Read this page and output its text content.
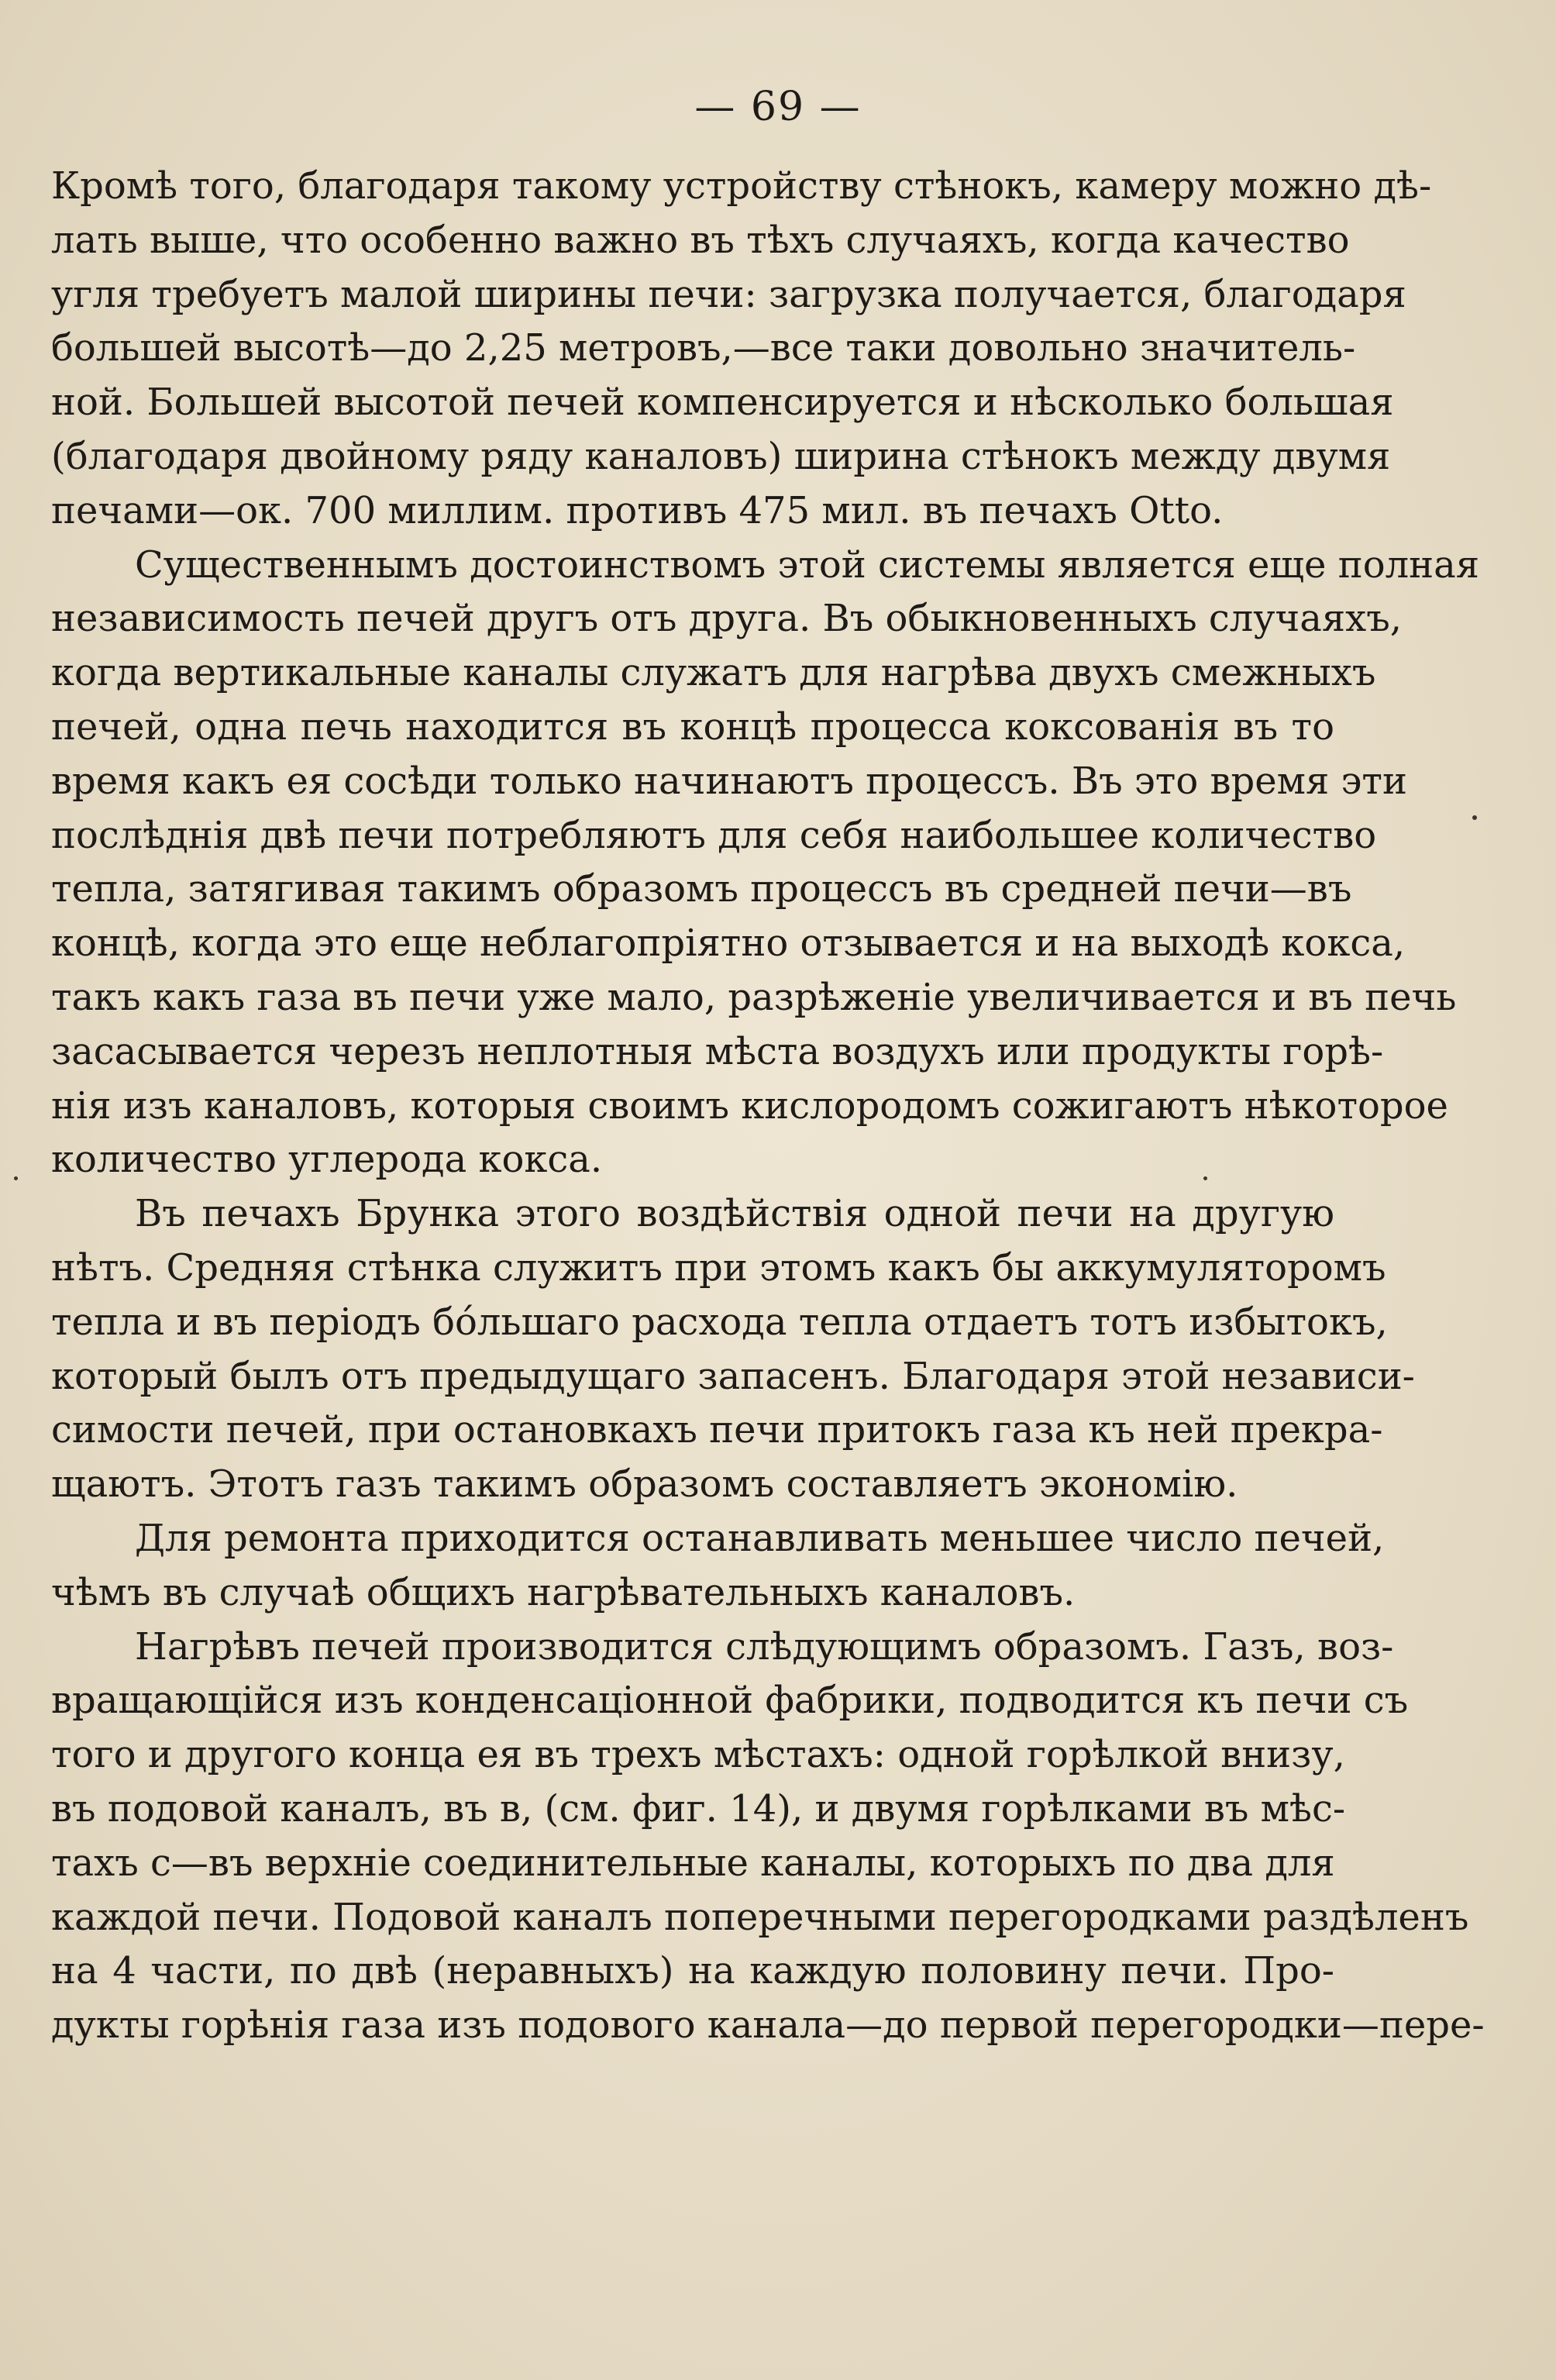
— 69 —
Кромѣ того, благодаря такому устройству стѣнокъ, камеру можно дѣ-
лать выше, что особенно важно въ тѣхъ случаяхъ, когда качество
угля требуетъ малой ширины печи: загрузка получается, благодаря
большей высотѣ—до 2,25 метровъ,—все таки довольно значитель-
ной. Большей высотой печей компенсируется и нѣсколько большая
(благодаря двойному ряду каналовъ) ширина стѣнокъ между двумя
печами—ок. 700 миллим. противъ 475 мил. въ печахъ Otto.
Существеннымъ достоинствомъ этой системы является еще полная
независимость печей другъ отъ друга. Въ обыкновенныхъ случаяхъ,
когда вертикальные каналы служатъ для нагрѣва двухъ смежныхъ
печей, одна печь находится въ концѣ процесса коксованія въ то
время какъ ея сосѣди только начинаютъ процессъ. Въ это время эти
послѣднія двѣ печи потребляютъ для себя наибольшее количество
тепла, затягивая такимъ образомъ процессъ въ средней печи—въ
концѣ, когда это еще неблагопріятно отзывается и на выходѣ кокса,
такъ какъ газа въ печи уже мало, разрѣженіе увеличивается и въ печь
засасывается черезъ неплотныя мѣста воздухъ или продукты горѣ-
нія изъ каналовъ, которыя своимъ кислородомъ сожигаютъ нѣкоторое
количество углерода кокса.
Въ печахъ Брунка этого воздѣйствія одной печи на другую
нѣтъ. Средняя стѣнка служитъ при этомъ какъ бы аккумуляторомъ
тепла и въ періодъ бóльшаго расхода тепла отдаетъ тотъ избытокъ,
который былъ отъ предыдущаго запасенъ. Благодаря этой независи-
симости печей, при остановкахъ печи притокъ газа къ ней прекра-
щаютъ. Этотъ газъ такимъ образомъ составляетъ экономію.
Для ремонта приходится останавливать меньшее число печей,
чѣмъ въ случаѣ общихъ нагрѣвательныхъ каналовъ.
Нагрѣвъ печей производится слѣдующимъ образомъ. Газъ, воз-
вращающійся изъ конденсаціонной фабрики, подводится къ печи съ
того и другого конца ея въ трехъ мѣстахъ: одной горѣлкой внизу,
въ подовой каналъ, въ в, (см. фиг. 14), и двумя горѣлками въ мѣс-
тахъ с—въ верхніе соединительные каналы, которыхъ по два для
каждой печи. Подовой каналъ поперечными перегородками раздѣленъ
на 4 части, по двѣ (неравныхъ) на каждую половину печи. Про-
дукты горѣнія газа изъ подового канала—до первой перегородки—пере-
